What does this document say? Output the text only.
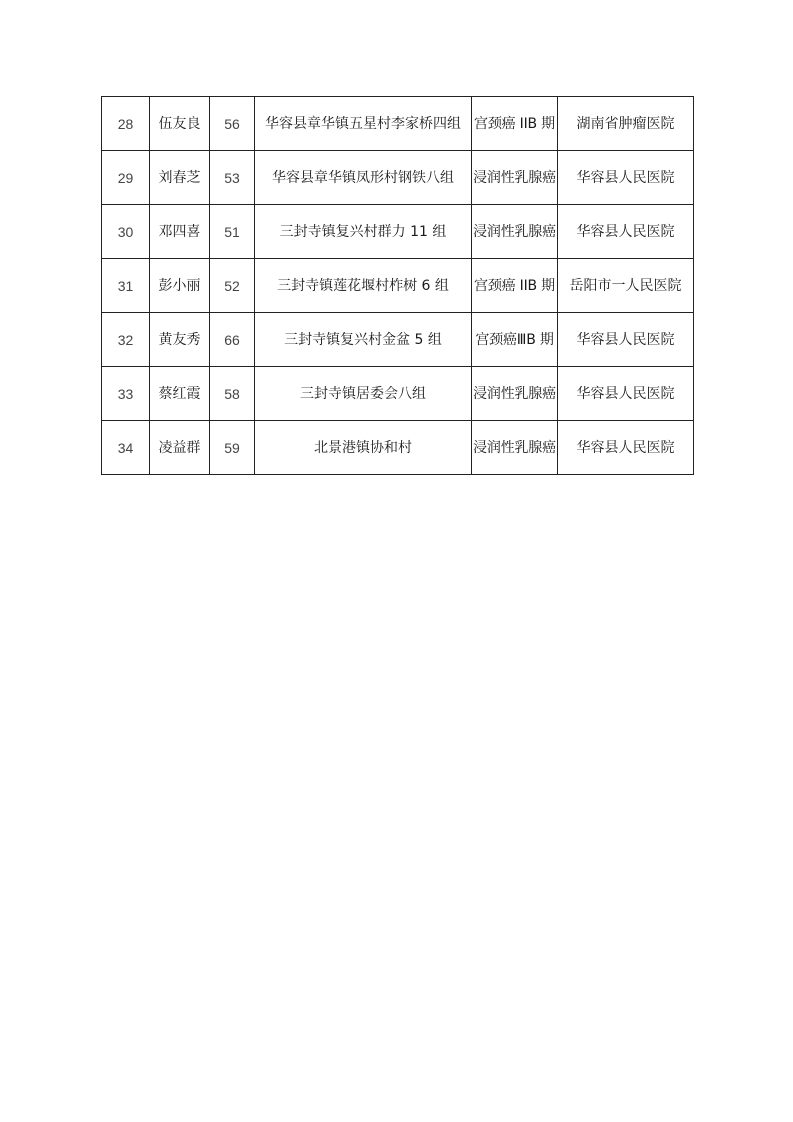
28	伍友良	56	华容县章华镇五星村李家桥四组	宫颈癌 IIB 期	湖南省肿瘤医院
29	刘春芝	53	华容县章华镇凤形村钢铁八组	浸润性乳腺癌	华容县人民医院
30	邓四喜	51	三封寺镇复兴村群力 11 组	浸润性乳腺癌	华容县人民医院
31	彭小丽	52	三封寺镇莲花堰村柞树 6 组	宫颈癌 IIB 期	岳阳市一人民医院
32	黄友秀	66	三封寺镇复兴村金盆 5 组	宫颈癌ⅢB 期	华容县人民医院
33	蔡红霞	58	三封寺镇居委会八组	浸润性乳腺癌	华容县人民医院
34	凌益群	59	北景港镇协和村	浸润性乳腺癌	华容县人民医院
